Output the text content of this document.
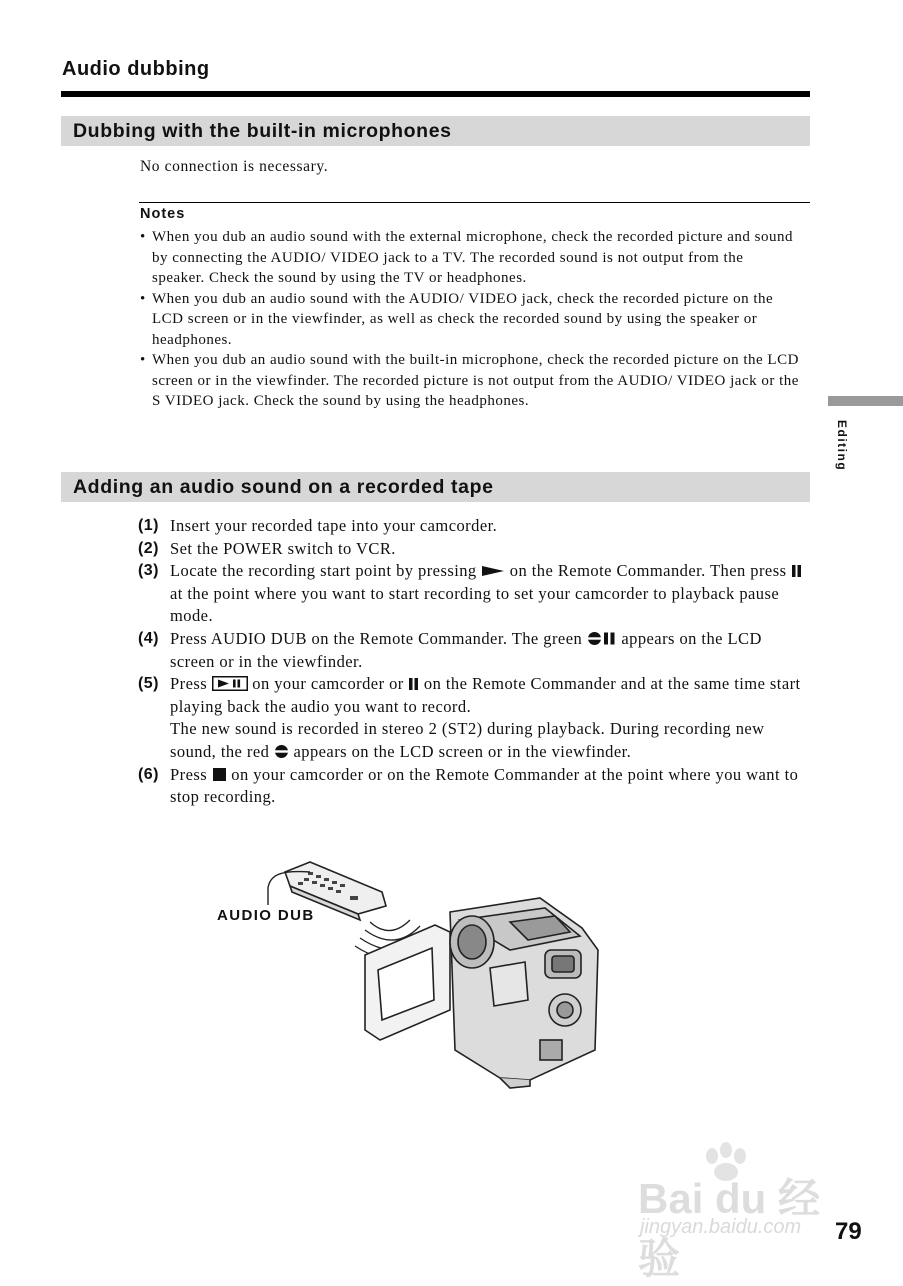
Audio dubbing
Dubbing with the built-in microphones
No connection is necessary.
Notes
• When you dub an audio sound with the external microphone, check the recorded picture and sound by connecting the AUDIO/ VIDEO jack to a TV. The recorded sound is not output from the speaker. Check the sound by using the TV or headphones.
• When you dub an audio sound with the AUDIO/ VIDEO jack, check the recorded picture on the LCD screen or in the viewfinder, as well as check the recorded sound by using the speaker or headphones.
• When you dub an audio sound with the built-in microphone, check the recorded picture on the LCD screen or in the viewfinder. The recorded picture is not output from the AUDIO/ VIDEO jack or the S VIDEO jack. Check the sound by using the headphones.
Adding an audio sound on a recorded tape
(1) Insert your recorded tape into your camcorder.
(2) Set the POWER switch to VCR.
(3) Locate the recording start point by pressing on the Remote Commander. Then press  at the point where you want to start recording to set your camcorder to playback pause mode.
(4) Press AUDIO DUB on the Remote Commander. The green appears on the LCD screen or in the viewfinder.
(5) Press	on your camcorder or on the Remote Commander and at the same time start playing back the audio you want to record.
The new sound is recorded in stereo 2 (ST2) during playback. During recording new sound, the red appears on the LCD screen or in the viewfinder.
(6) Press on your camcorder or on the Remote Commander at the point where you want to stop recording.
Editing
AUDIO DUB
Bai du 经验
jingyan.baidu.com 79
